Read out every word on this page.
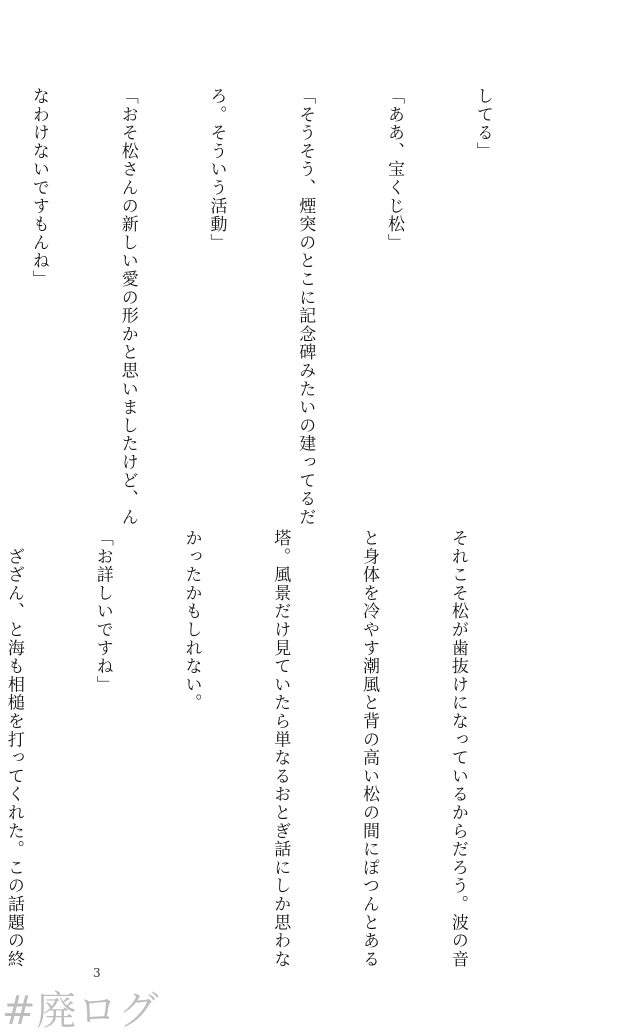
してる」

「ああ、宝くじ松」

「そうそう、煙突のとこに記念碑みたいの建ってるだ

ろ。そういう活動」

「おそ松さんの新しい愛の形かと思いましたけど、ん

なわけないですもんね」

それこそ松が歯抜けになっているからだろう。波の音

と身体を冷やす潮風と背の高い松の間にぽつんとある

塔。風景だけ見ていたら単なるおとぎ話にしか思わな

かったかもしれない。

「お詳しいですね」

　ざざん、と海も相槌を打ってくれた。この話題の終

3
#廃ログ
